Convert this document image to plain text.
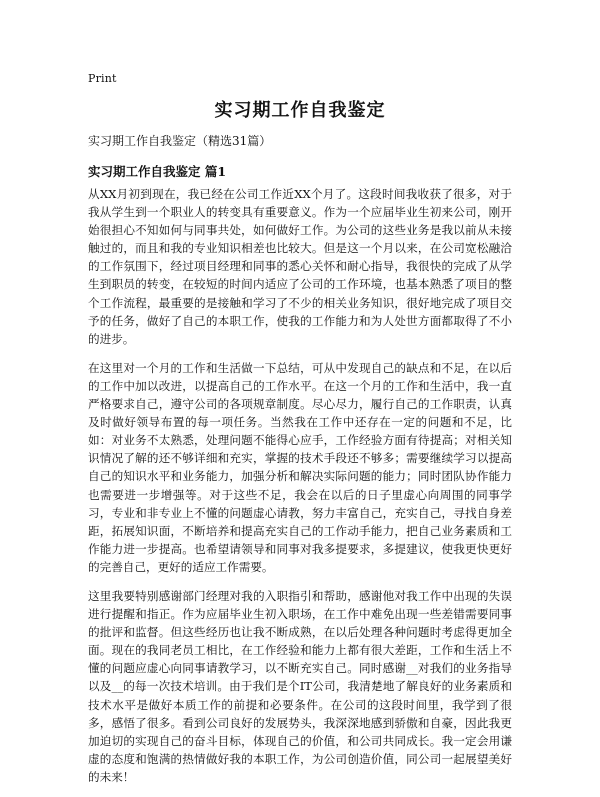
Print
实习期工作自我鉴定
实习期工作自我鉴定（精选31篇）
实习期工作自我鉴定 篇1

从XX月初到现在，我已经在公司工作近XX个月了。这段时间我收获了很多，对于我从学生到一个职业人的转变具有重要意义。作为一个应届毕业生初来公司，刚开始很担心不知如何与同事共处，如何做好工作。为公司的这些业务是我以前从未接触过的，而且和我的专业知识相差也比较大。但是这一个月以来，在公司宽松融洽的工作氛围下，经过项目经理和同事的悉心关怀和耐心指导，我很快的完成了从学生到职员的转变，在较短的时间内适应了公司的工作环境，也基本熟悉了项目的整个工作流程，最重要的是接触和学习了不少的相关业务知识，很好地完成了项目交予的任务，做好了自己的本职工作，使我的工作能力和为人处世方面都取得了不小的进步。

在这里对一个月的工作和生活做一下总结，可从中发现自己的缺点和不足，在以后的工作中加以改进，以提高自己的工作水平。在这一个月的工作和生活中，我一直严格要求自己，遵守公司的各项规章制度。尽心尽力，履行自己的工作职责，认真及时做好领导布置的每一项任务。当然我在工作中还存在一定的问题和不足，比如：对业务不太熟悉，处理问题不能得心应手，工作经验方面有待提高；对相关知识情况了解的还不够详细和充实，掌握的技术手段还不够多；需要继续学习以提高自己的知识水平和业务能力，加强分析和解决实际问题的能力；同时团队协作能力也需要进一步增强等。对于这些不足，我会在以后的日子里虚心向周围的同事学习，专业和非专业上不懂的问题虚心请教，努力丰富自己，充实自己，寻找自身差距，拓展知识面，不断培养和提高充实自己的工作动手能力，把自己业务素质和工作能力进一步提高。也希望请领导和同事对我多提要求，多提建议，使我更快更好的完善自己，更好的适应工作需要。

这里我要特别感谢部门经理对我的入职指引和帮助，感谢他对我工作中出现的失误进行提醒和指正。作为应届毕业生初入职场，在工作中难免出现一些差错需要同事的批评和监督。但这些经历也让我不断成熟，在以后处理各种问题时考虑得更加全面。现在的我同老员工相比，在工作经验和能力上都有很大差距，工作和生活上不懂的问题应虚心向同事请教学习，以不断充实自己。同时感谢__对我们的业务指导以及__的每一次技术培训。由于我们是个IT公司，我清楚地了解良好的业务素质和技术水平是做好本质工作的前提和必要条件。在公司的这段时间里，我学到了很多，感悟了很多。看到公司良好的发展势头，我深深地感到骄傲和自豪，因此我更加迫切的实现自己的奋斗目标，体现自己的价值，和公司共同成长。我一定会用谦虚的态度和饱满的热情做好我的本职工作，为公司创造价值，同公司一起展望美好的未来！
